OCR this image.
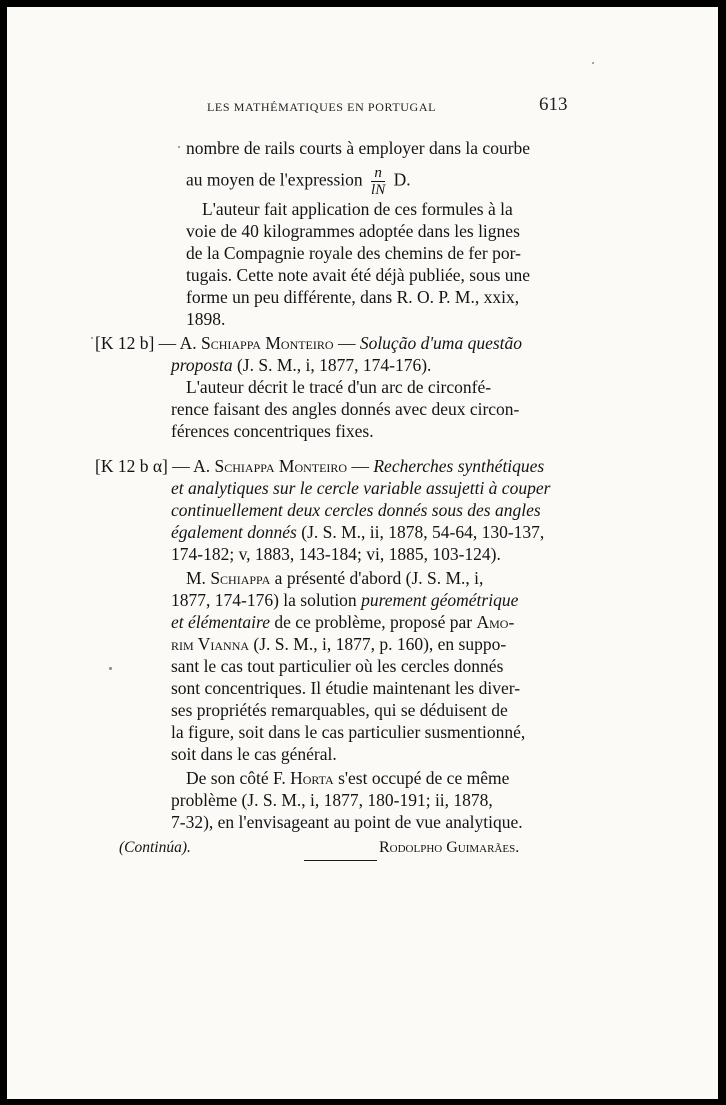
LES MATHÉMATIQUES EN PORTUGAL	613
nombre de rails courts à employer dans la courbe
au moyen de l'expression $\frac{n}{lN} D$.
L'auteur fait application de ces formules à la
voie de 40 kilogrammes adoptée dans les lignes
de la Compagnie royale des chemins de fer por-
tugais. Cette note avait été déjà publiée, sous une
forme un peu différente, dans R. O. P. M., xxix,
1898.
[K 12 b] — A. Schiappa Monteiro — Solução d'uma questão
proposta (J. S. M., i, 1877, 174-176).
L'auteur décrit le tracé d'un arc de circonfé-
rence faisant des angles donnés avec deux circon-
férences concentriques fixes.
[K 12 b α] — A. Schiappa Monteiro — Recherches synthétiques
et analytiques sur le cercle variable assujetti à couper
continuellement deux cercles donnés sous des angles
également donnés (J. S. M., ii, 1878, 54-64, 130-137,
174-182; v, 1883, 143-184; vi, 1885, 103-124).
M. Schiappa a présenté d'abord (J. S. M., i,
1877, 174-176) la solution purement géométrique
et élémentaire de ce problème, proposé par Amo-
rim Vianna (J. S. M., i, 1877, p. 160), en suppo-
sant le cas tout particulier où les cercles donnés
sont concentriques. Il étudie maintenant les diver-
ses propriétés remarquables, qui se déduisent de
la figure, soit dans le cas particulier susmentionné,
soit dans le cas général.
De son côté F. Horta s'est occupé de ce même
problème (J. S. M., i, 1877, 180-191; ii, 1878,
7-32), en l'envisageant au point de vue analytique.
(Continúa).	Rodolpho Guimarães.
